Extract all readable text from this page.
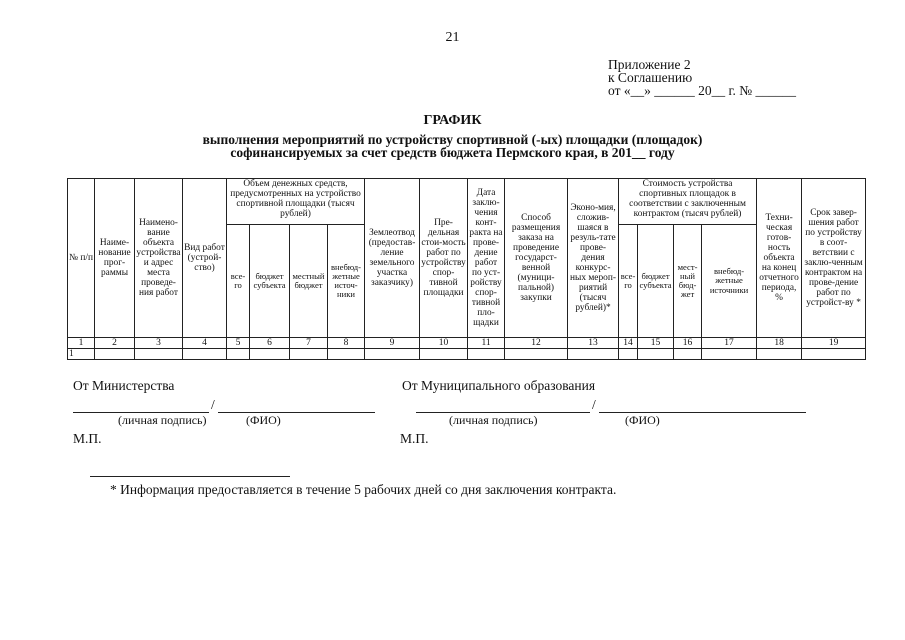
21
Приложение 2
к Соглашению
от «__» ______ 20__ г. № ______
ГРАФИК
выполнения мероприятий по устройству спортивной (-ых) площадки (площадок)
софинансируемых за счет средств бюджета Пермского края, в 201__ году
№ п/п	Наиме-нование прог-раммы	Наимено-вание объекта устройства и адрес места проведе-ния работ	Вид работ (устрой-ство)	Объем денежных средств, предусмотренных на устройство спортивной площадки (тысяч рублей)				Землеотвод (предостав-ление земельного участка заказчику)	Пре-дельная стои-мость работ по устройству спор-тивной площадки	Дата заклю-чения конт-ракта на прове-дение работ по уст-ройству спор-тивной пло-щадки	Способ размещения заказа на проведение государст-венной (муници-пальной) закупки	Эконо-мия, сложив-шаяся в резуль-тате прове-дения конкурс-ных мероп-риятий (тысяч рублей)*	Стоимость устройства спортивных площадок в соответствии с заключенным контрактом (тысяч рублей)				Техни-ческая готов-ность объекта на конец отчетного периода, %	Срок завер-шения работ по устройству в соот-ветствии с заклю-ченным контрактом на прове-дение работ по устройст-ву *
				все-го	бюджет субъекта	местный бюджет	внебюд-жетные источ-ники						все-го	бюджет субъекта	мест-ный бюд-жет	внебюд-жетные источники		
1	2	3	4	5	6	7	8	9	10	11	12	13	14	15	16	17	18	19
1																		
От Министерства
/
(личная подпись)	(ФИО)
М.П.
От Муниципального образования
/
(личная подпись)	(ФИО)
М.П.
* Информация предоставляется в течение 5 рабочих дней со дня заключения контракта.
